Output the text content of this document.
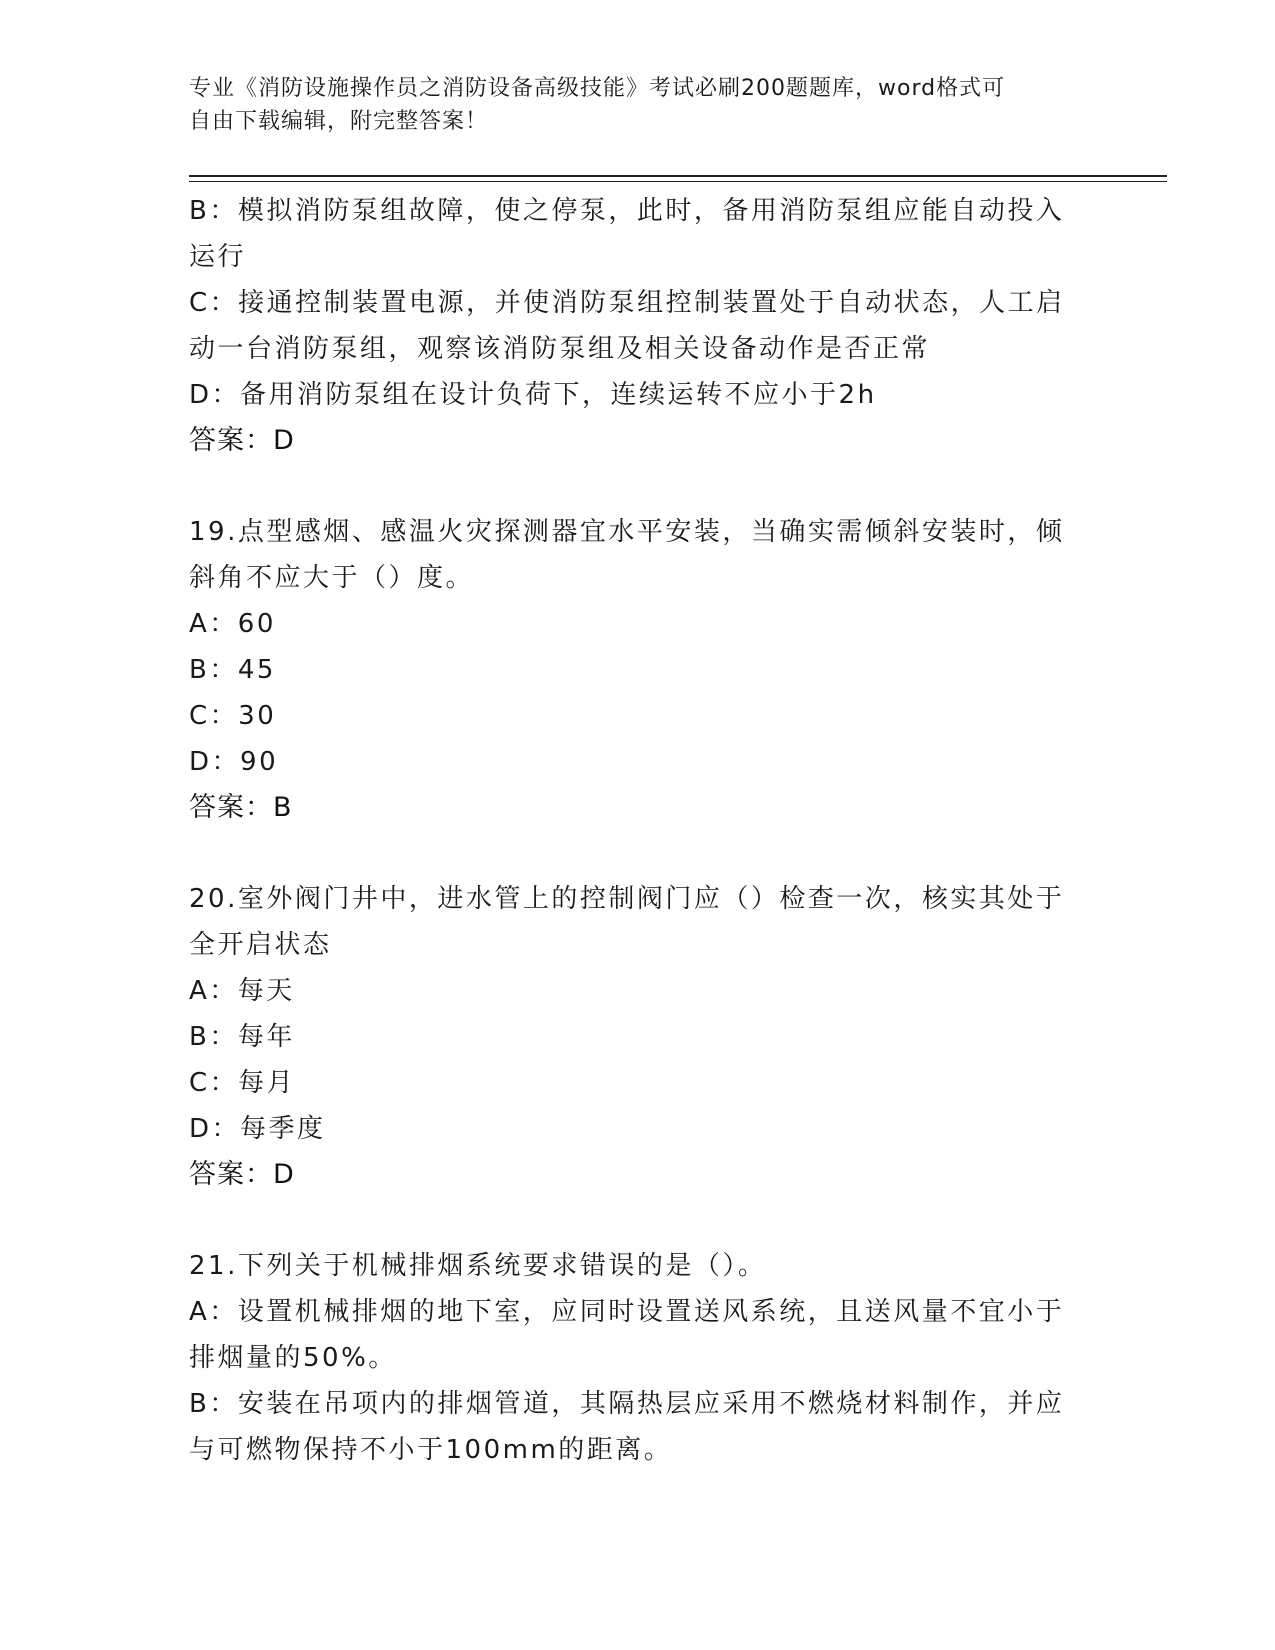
专业《消防设施操作员之消防设备高级技能》考试必刷200题题库，word格式可
自由下载编辑，附完整答案！
B：模拟消防泵组故障，使之停泵，此时，备用消防泵组应能自动投入
运行
C：接通控制装置电源，并使消防泵组控制装置处于自动状态，人工启
动一台消防泵组，观察该消防泵组及相关设备动作是否正常
D：备用消防泵组在设计负荷下，连续运转不应小于2h
答案：D
19.点型感烟、感温火灾探测器宜水平安装，当确实需倾斜安装时，倾
斜角不应大于（）度。
A：60
B：45
C：30
D：90
答案：B
20.室外阀门井中，进水管上的控制阀门应（）检查一次，核实其处于
全开启状态
A：每天
B：每年
C：每月
D：每季度
答案：D
21.下列关于机械排烟系统要求错误的是（）。
A：设置机械排烟的地下室，应同时设置送风系统，且送风量不宜小于
排烟量的50%。
B：安装在吊项内的排烟管道，其隔热层应采用不燃烧材料制作，并应
与可燃物保持不小于100mm的距离。
